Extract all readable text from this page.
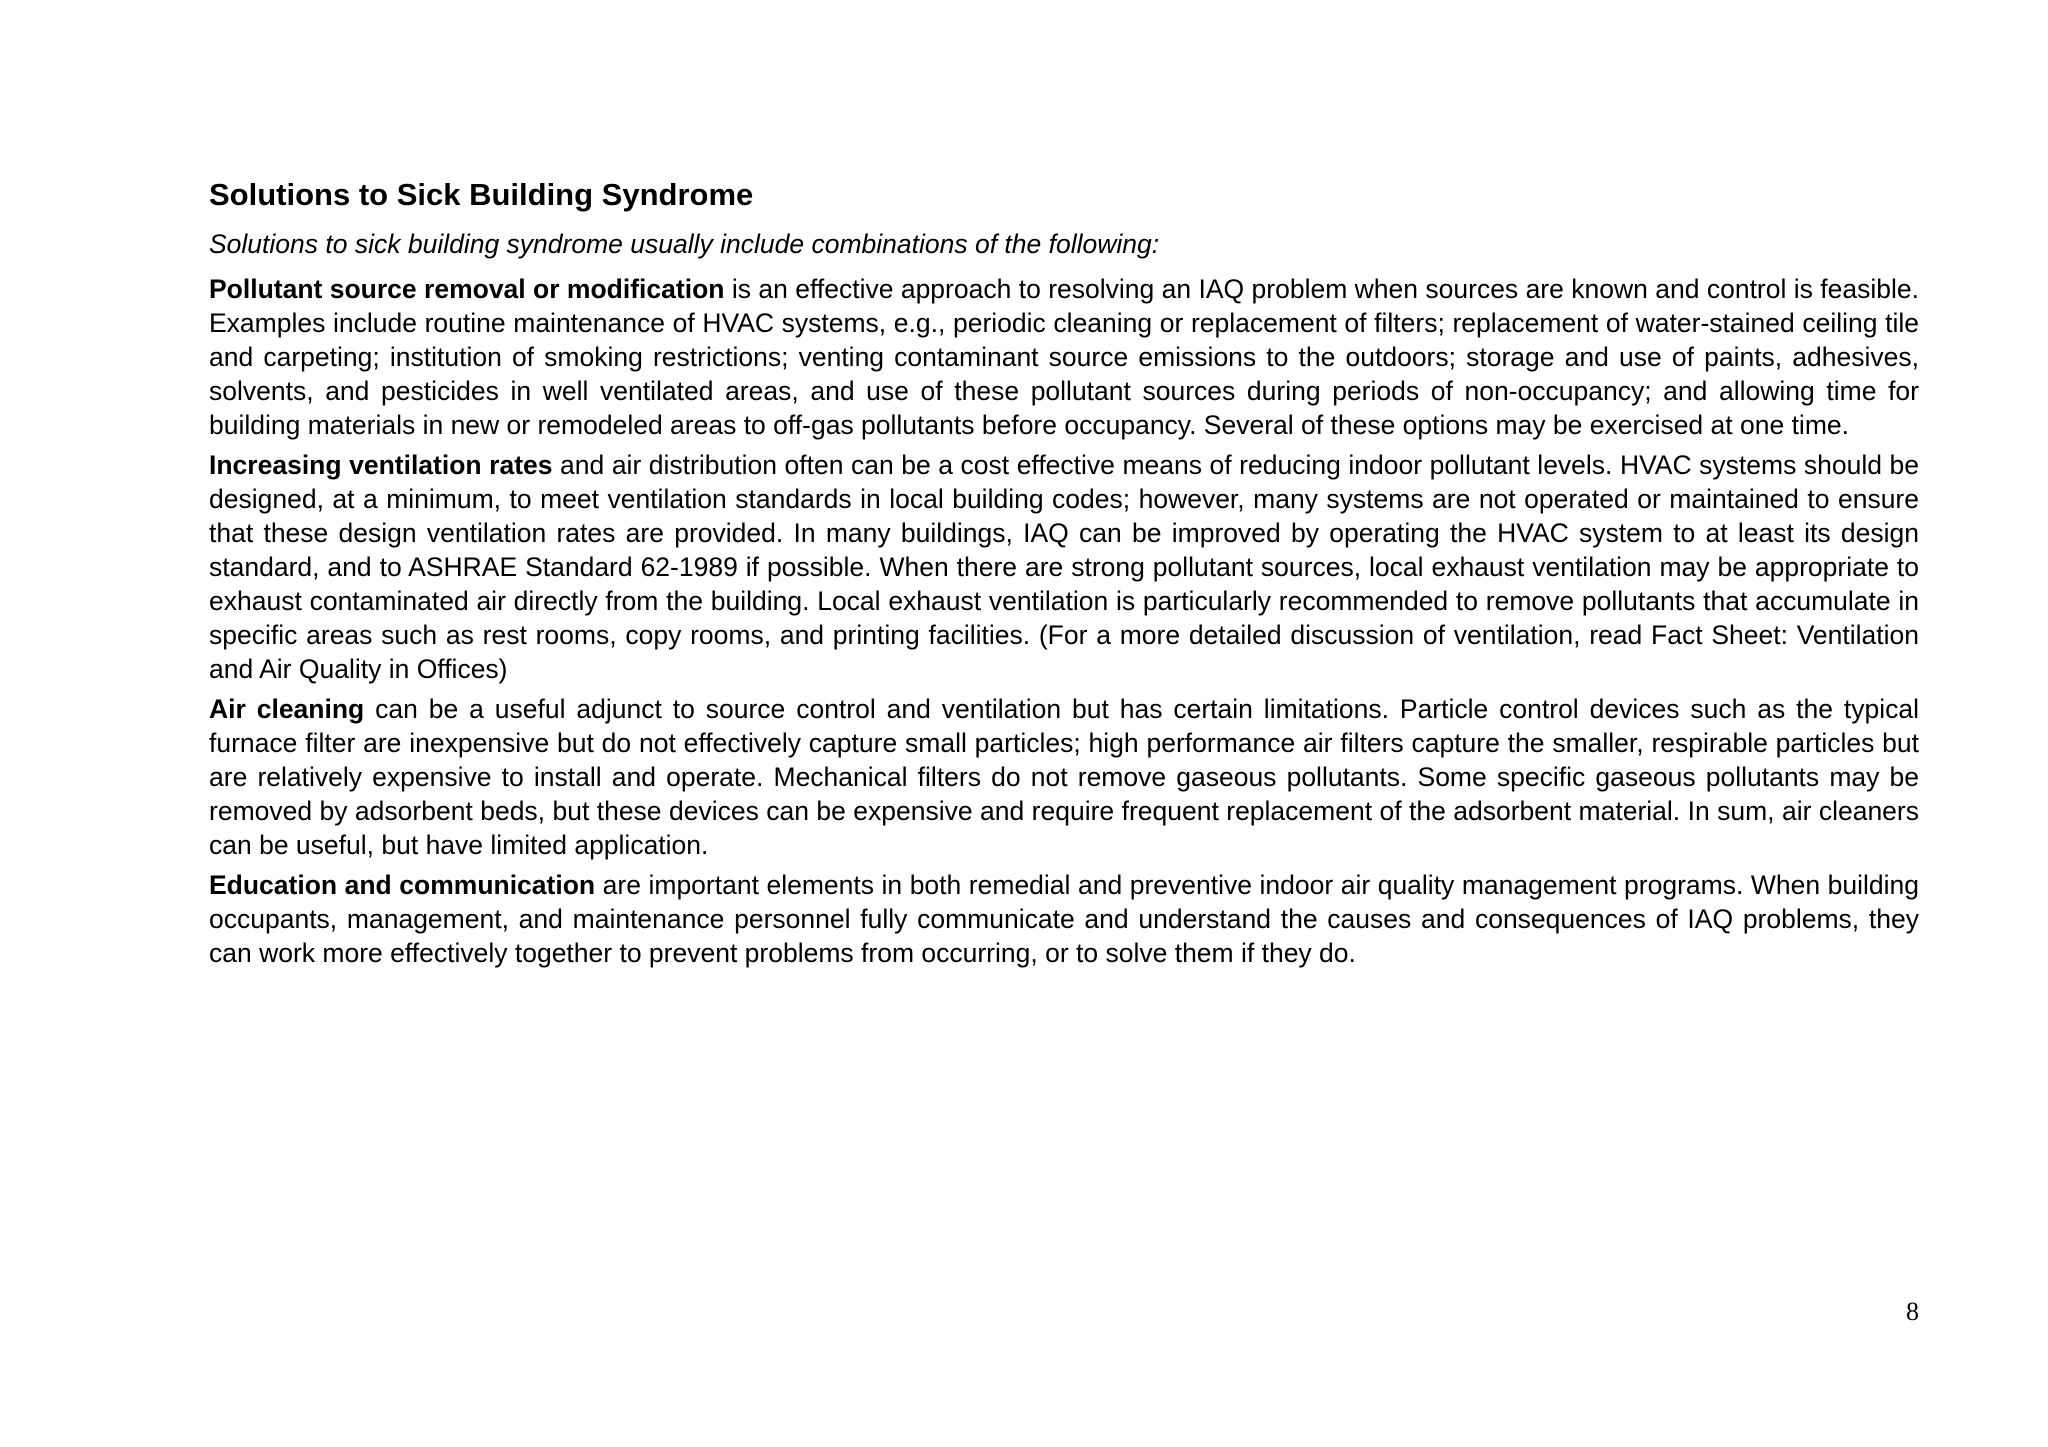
Solutions to Sick Building Syndrome

Solutions to sick building syndrome usually include combinations of the following:

Pollutant source removal or modification is an effective approach to resolving an IAQ problem when sources are known and control is feasible. Examples include routine maintenance of HVAC systems, e.g., periodic cleaning or replacement of filters; replacement of water-stained ceiling tile and carpeting; institution of smoking restrictions; venting contaminant source emissions to the outdoors; storage and use of paints, adhesives, solvents, and pesticides in well ventilated areas, and use of these pollutant sources during periods of non-occupancy; and allowing time for building materials in new or remodeled areas to off-gas pollutants before occupancy. Several of these options may be exercised at one time.

Increasing ventilation rates and air distribution often can be a cost effective means of reducing indoor pollutant levels. HVAC systems should be designed, at a minimum, to meet ventilation standards in local building codes; however, many systems are not operated or maintained to ensure that these design ventilation rates are provided. In many buildings, IAQ can be improved by operating the HVAC system to at least its design standard, and to ASHRAE Standard 62-1989 if possible. When there are strong pollutant sources, local exhaust ventilation may be appropriate to exhaust contaminated air directly from the building. Local exhaust ventilation is particularly recommended to remove pollutants that accumulate in specific areas such as rest rooms, copy rooms, and printing facilities. (For a more detailed discussion of ventilation, read Fact Sheet: Ventilation and Air Quality in Offices)

Air cleaning can be a useful adjunct to source control and ventilation but has certain limitations. Particle control devices such as the typical furnace filter are inexpensive but do not effectively capture small particles; high performance air filters capture the smaller, respirable particles but are relatively expensive to install and operate. Mechanical filters do not remove gaseous pollutants. Some specific gaseous pollutants may be removed by adsorbent beds, but these devices can be expensive and require frequent replacement of the adsorbent material. In sum, air cleaners can be useful, but have limited application.

Education and communication are important elements in both remedial and preventive indoor air quality management programs. When building occupants, management, and maintenance personnel fully communicate and understand the causes and consequences of IAQ problems, they can work more effectively together to prevent problems from occurring, or to solve them if they do.

8
